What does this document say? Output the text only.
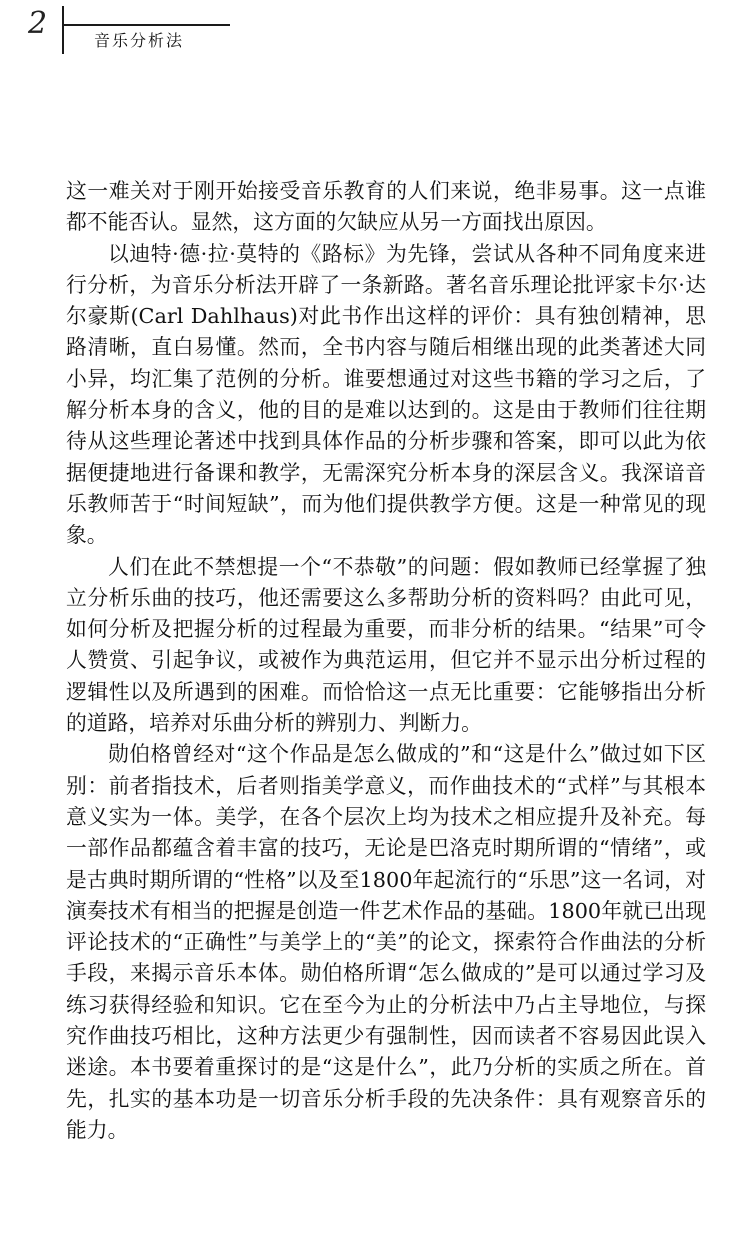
2	音乐分析法

这一难关对于刚开始接受音乐教育的人们来说，绝非易事。这一点谁都不能否认。显然，这方面的欠缺应从另一方面找出原因。

以迪特·德·拉·莫特的《路标》为先锋，尝试从各种不同角度来进行分析，为音乐分析法开辟了一条新路。著名音乐理论批评家卡尔·达尔豪斯(Carl Dahlhaus)对此书作出这样的评价：具有独创精神，思路清晰，直白易懂。然而，全书内容与随后相继出现的此类著述大同小异，均汇集了范例的分析。谁要想通过对这些书籍的学习之后，了解分析本身的含义，他的目的是难以达到的。这是由于教师们往往期待从这些理论著述中找到具体作品的分析步骤和答案，即可以此为依据便捷地进行备课和教学，无需深究分析本身的深层含义。我深谙音乐教师苦于“时间短缺”，而为他们提供教学方便。这是一种常见的现象。

人们在此不禁想提一个“不恭敬”的问题：假如教师已经掌握了独立分析乐曲的技巧，他还需要这么多帮助分析的资料吗？由此可见，如何分析及把握分析的过程最为重要，而非分析的结果。“结果”可令人赞赏、引起争议，或被作为典范运用，但它并不显示出分析过程的逻辑性以及所遇到的困难。而恰恰这一点无比重要：它能够指出分析的道路，培养对乐曲分析的辨别力、判断力。

勋伯格曾经对“这个作品是怎么做成的”和“这是什么”做过如下区别：前者指技术，后者则指美学意义，而作曲技术的“式样”与其根本意义实为一体。美学，在各个层次上均为技术之相应提升及补充。每一部作品都蕴含着丰富的技巧，无论是巴洛克时期所谓的“情绪”，或是古典时期所谓的“性格”以及至1800年起流行的“乐思”这一名词，对演奏技术有相当的把握是创造一件艺术作品的基础。1800年就已出现评论技术的“正确性”与美学上的“美”的论文，探索符合作曲法的分析手段，来揭示音乐本体。勋伯格所谓“怎么做成的”是可以通过学习及练习获得经验和知识。它在至今为止的分析法中乃占主导地位，与探究作曲技巧相比，这种方法更少有强制性，因而读者不容易因此误入迷途。本书要着重探讨的是“这是什么”，此乃分析的实质之所在。首先，扎实的基本功是一切音乐分析手段的先决条件：具有观察音乐的能力。
